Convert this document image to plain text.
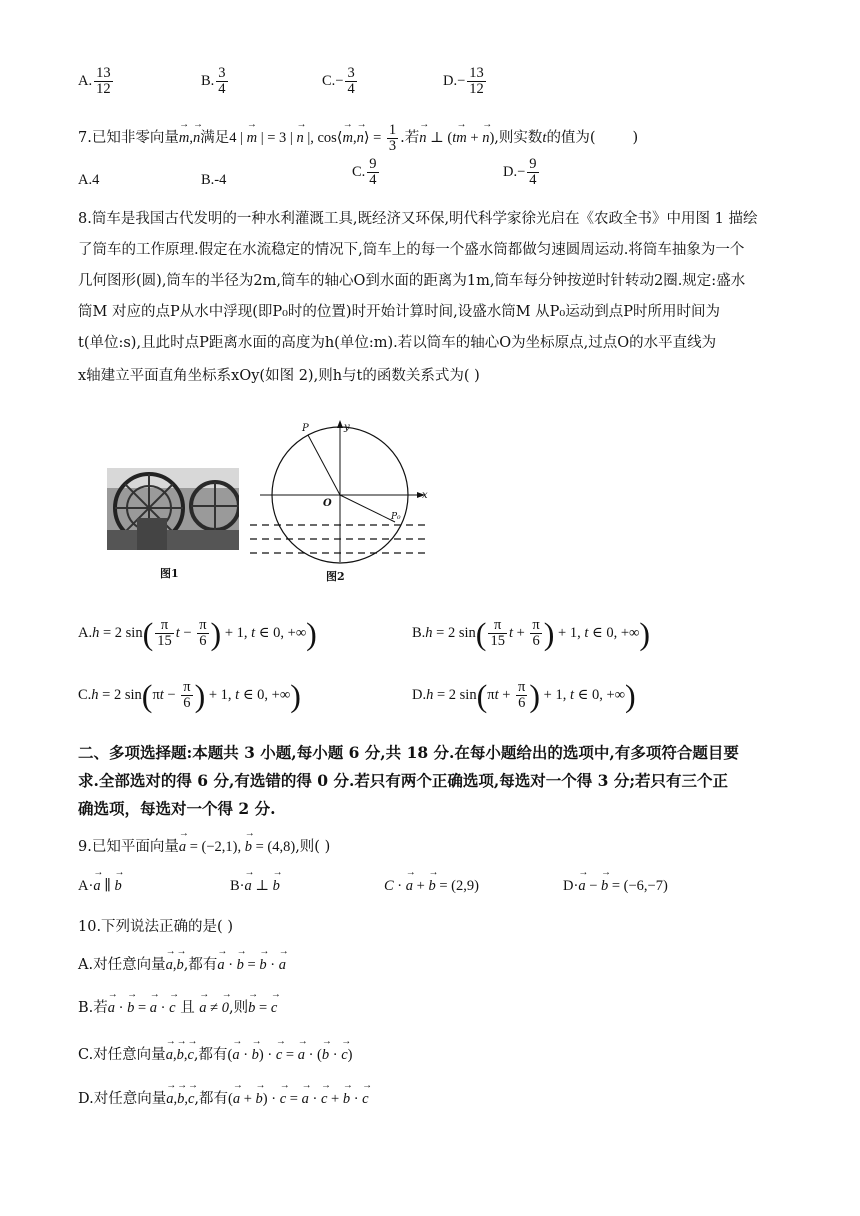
A. $\frac{13}{12}$	B. $\frac{3}{4}$	$C.- \frac{3}{4}$	$D.- \frac{13}{12}$
7.已知非零向量→ m,→ n满足4 | → m | = 3 | → n |, cos⟨→ m,→ n⟩ = $\frac{1}{3}$ .若→ n ⊥ (t→ m + → n),则实数t的值为(	)
A.4	B.-4	C. $\frac{9}{4}$	$D.- \frac{9}{4}$
8.筒车是我国古代发明的一种水利灌溉工具,既经济又环保,明代科学家徐光启在《农政全书》中用图 1 描绘
了筒车的工作原理.假定在水流稳定的情况下,筒车上的每一个盛水筒都做匀速圆周运动.将筒车抽象为一个
几何图形(圆),筒车的半径为2m,筒车的轴心O到水面的距离为1m,筒车每分钟按逆时针转动2圈.规定:盛水
筒M 对应的点P从水中浮现(即P₀时的位置)时开始计算时间,设盛水筒M 从P₀运动到点P时所用时间为
t(单位:s),且此时点P距离水面的高度为h(单位:m).若以筒车的轴心O为坐标原点,过点O的水平直线为
x轴建立平面直角坐标系xOy(如图 2),则h与t的函数关系式为( )
图1
P	y
x
O
P₀
图2
A.h = 2 $\sin( \frac{\pi}{15}$ $t - \frac{\pi}{6}$ ) + 1, t ∈ 0, +∞)	B.h = 2 $\sin( \frac{\pi}{15}$ $t + \frac{\pi}{6}$ ) + 1, t ∈ 0, +∞)
C.h = 2 $\sin(\pi t - \frac{\pi}{6}$ ) + 1, t ∈ 0, +∞)	D.h = 2 $\sin(\pi t + \frac{\pi}{6}$ ) + 1, t ∈ 0, +∞)
二、多项选择题:本题共 3 小题,每小题 6 分,共 18 分.在每小题给出的选项中,有多项符合题目要
求.全部选对的得 6 分,有选错的得 0 分.若只有两个正确选项,每选对一个得 3 分;若只有三个正
确选项，每选对一个得 2 分.
9.已知平面向量→ a = (−2,1), → b = (4,8),则( )
A·→ a ∥ → b	B·→ a ⊥ → b	C · → a + → b = (2,9)	D·→ a − → b = (−6,−7)
10.下列说法正确的是( )
A.对任意向量→ a,→ b,都有→ a · → b = → b · → a
B.若→ a · → b = → a · → c 且 → a ≠ → 0,则→ b = → c
C.对任意向量→ a,→ b,→ c,都有(→ a · → b) · → c = → a · (→ b · → c)
D.对任意向量→ a,→ b,→ c,都有(→ a + → b) · → c = → a · → c + → b · → c
